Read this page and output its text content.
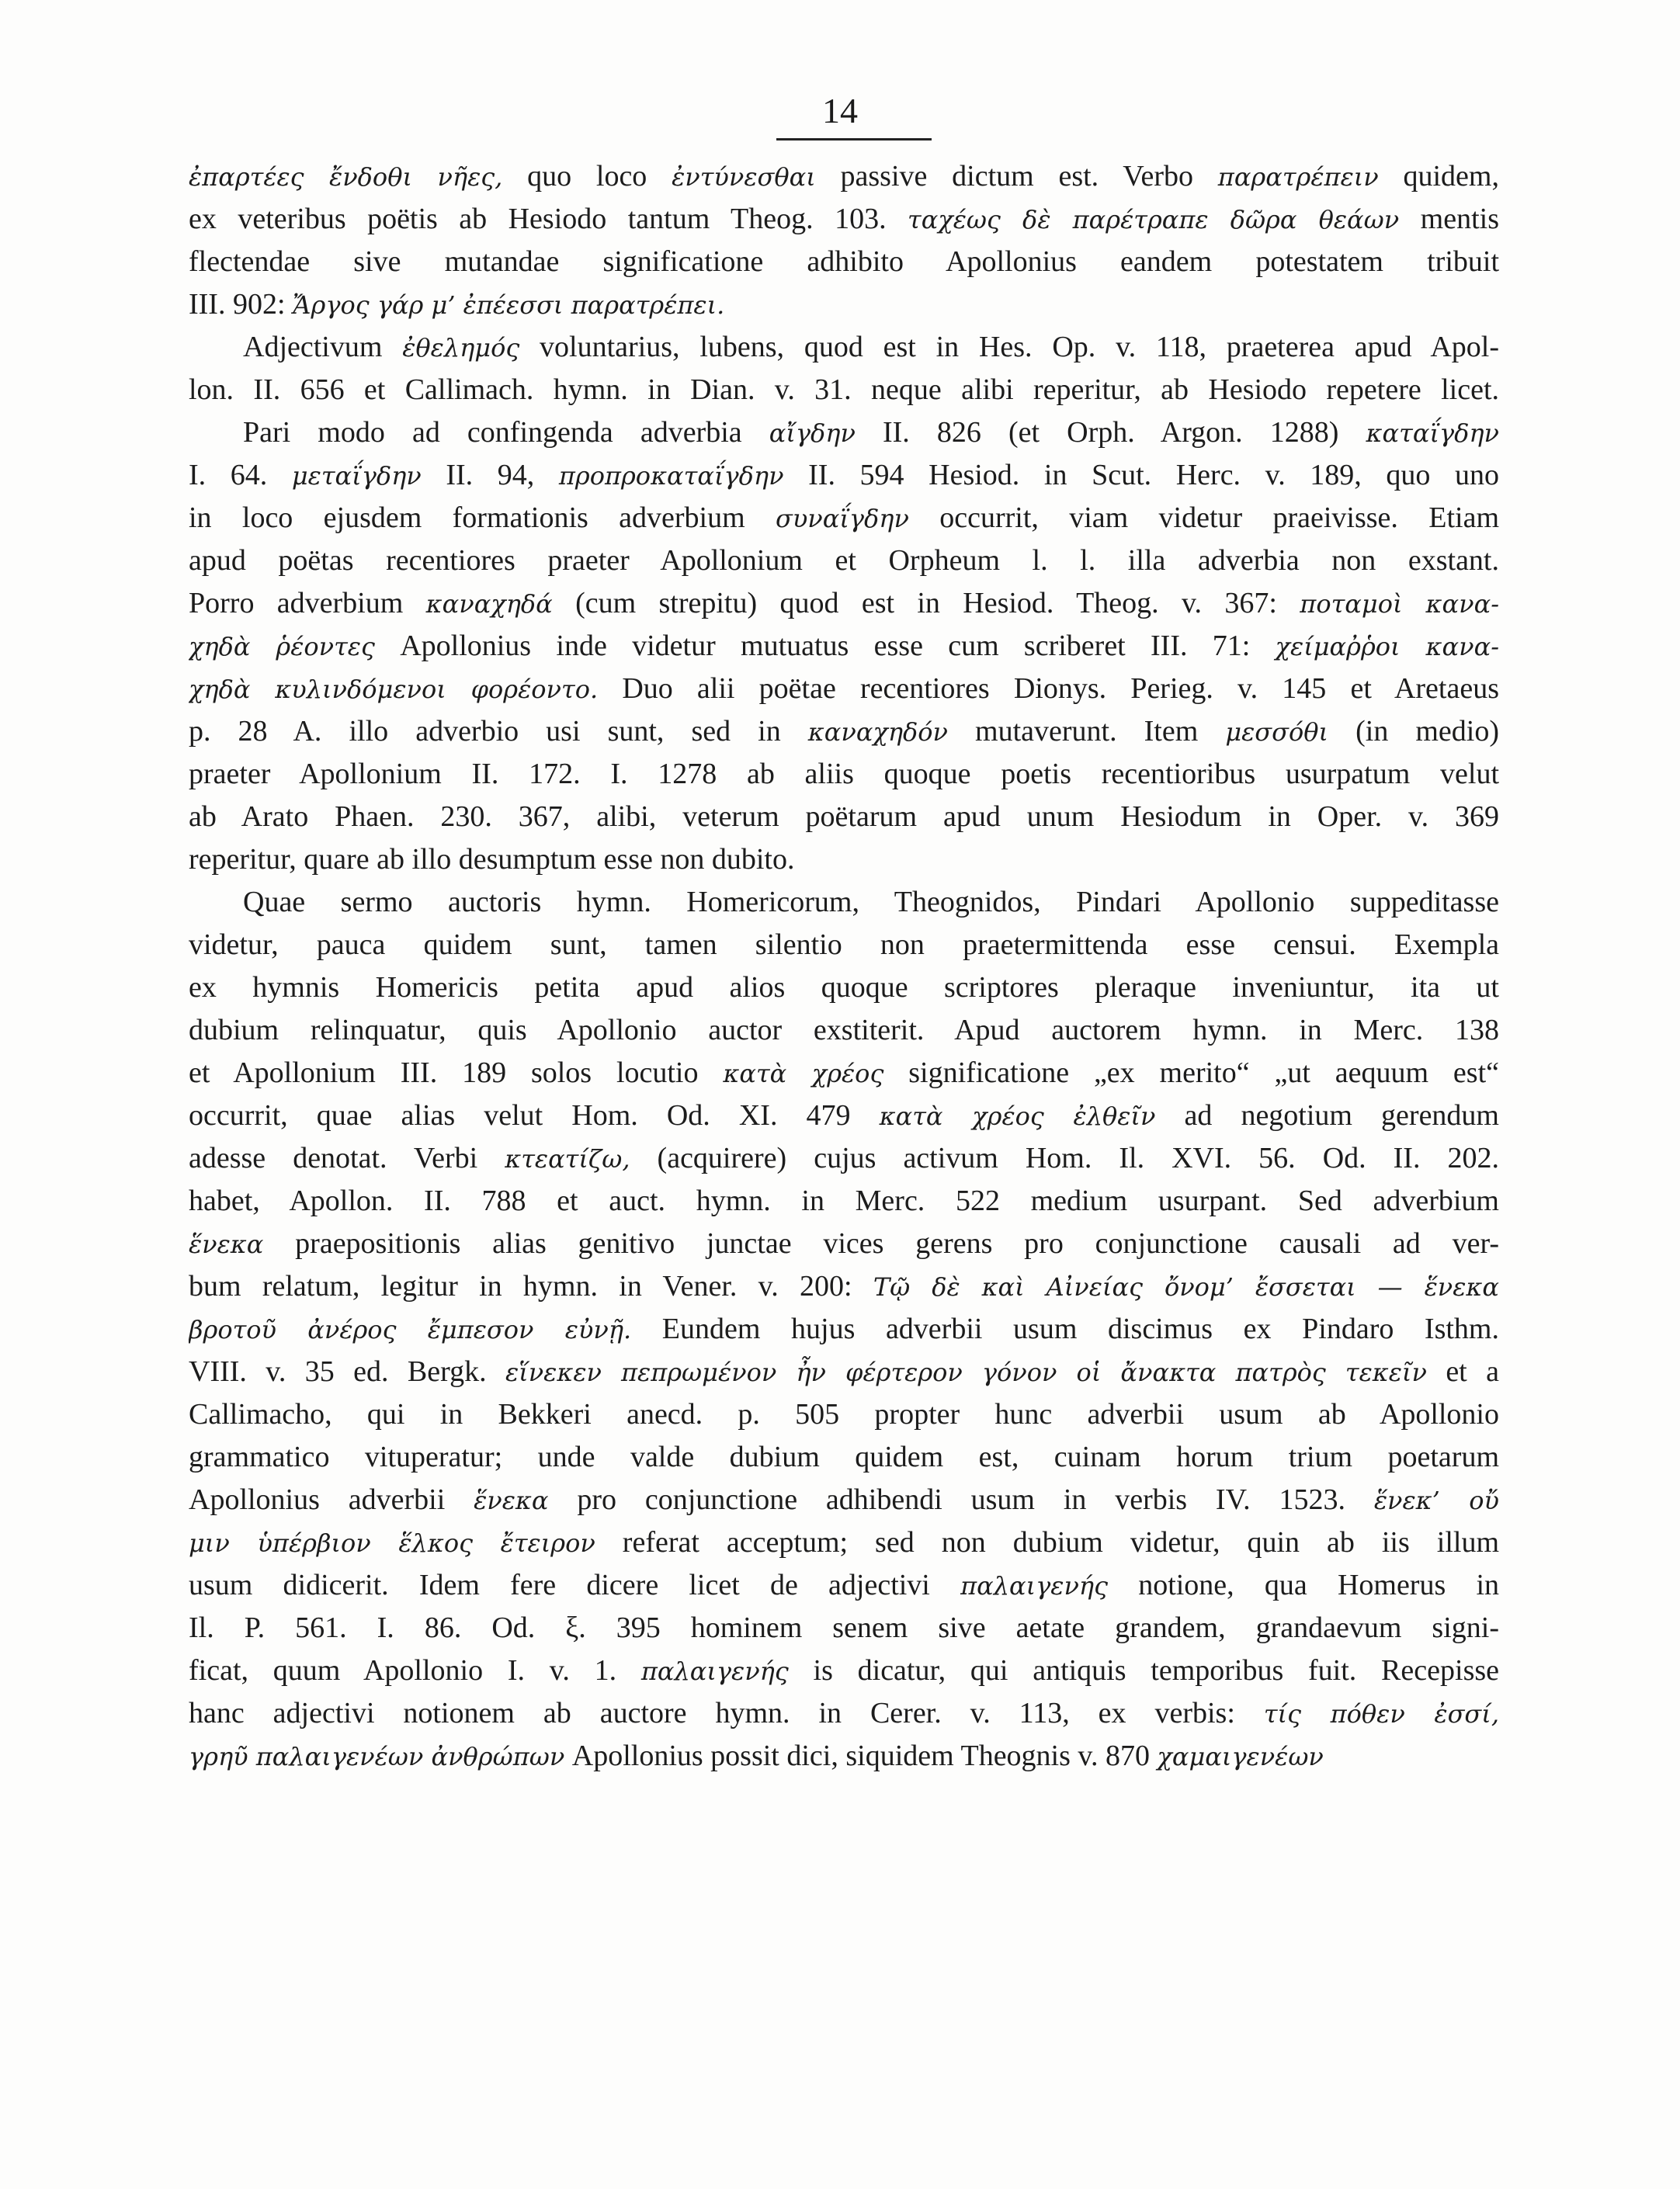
14
ἐπαρτέες ἔνδοθι νῆες, quo loco ἐντύνεσθαι passive dictum est. Verbo παρατρέπειν quidem,
ex veteribus poëtis ab Hesiodo tantum Theog. 103. ταχέως δὲ παρέτραπε δῶρα θεάων mentis
flectendae sive mutandae significatione adhibito Apollonius eandem potestatem tribuit
III. 902: Ἄργος γάρ μ’ ἐπέεσσι παρατρέπει.
Adjectivum ἐθελημός voluntarius, lubens, quod est in Hes. Op. v. 118, praeterea apud Apol-
lon. II. 656 et Callimach. hymn. in Dian. v. 31. neque alibi reperitur, ab Hesiodo repetere licet.
Pari modo ad confingenda adverbia αἴγδην II. 826 (et Orph. Argon. 1288) καταΐγδην
I. 64. μεταΐγδην II. 94, προπροκαταΐγδην II. 594 Hesiod. in Scut. Herc. v. 189, quo uno
in loco ejusdem formationis adverbium συναΐγδην occurrit, viam videtur praeivisse. Etiam
apud poëtas recentiores praeter Apollonium et Orpheum l. l. illa adverbia non exstant.
Porro adverbium καναχηδά (cum strepitu) quod est in Hesiod. Theog. v. 367: ποταμοὶ κανα-
χηδὰ ῥέοντες Apollonius inde videtur mutuatus esse cum scriberet III. 71: χείμαῤῥοι κανα-
χηδὰ κυλινδόμενοι φορέοντο. Duo alii poëtae recentiores Dionys. Perieg. v. 145 et Aretaeus
p. 28 A. illo adverbio usi sunt, sed in καναχηδόν mutaverunt. Item μεσσόθι (in medio)
praeter Apollonium II. 172. I. 1278 ab aliis quoque poetis recentioribus usurpatum velut
ab Arato Phaen. 230. 367, alibi, veterum poëtarum apud unum Hesiodum in Oper. v. 369
reperitur, quare ab illo desumptum esse non dubito.
Quae sermo auctoris hymn. Homericorum, Theognidos, Pindari Apollonio suppeditasse
videtur, pauca quidem sunt, tamen silentio non praetermittenda esse censui. Exempla
ex hymnis Homericis petita apud alios quoque scriptores pleraque inveniuntur, ita ut
dubium relinquatur, quis Apollonio auctor exstiterit. Apud auctorem hymn. in Merc. 138
et Apollonium III. 189 solos locutio κατὰ χρέος significatione „ex merito“ „ut aequum est“
occurrit, quae alias velut Hom. Od. XI. 479 κατὰ χρέος ἐλθεῖν ad negotium gerendum
adesse denotat. Verbi κτεατίζω, (acquirere) cujus activum Hom. Il. XVI. 56. Od. II. 202.
habet, Apollon. II. 788 et auct. hymn. in Merc. 522 medium usurpant. Sed adverbium
ἕνεκα praepositionis alias genitivo junctae vices gerens pro conjunctione causali ad ver-
bum relatum, legitur in hymn. in Vener. v. 200: Τῷ δὲ καὶ Αἰνείας ὄνομ’ ἔσσεται — ἕνεκα
βροτοῦ ἀνέρος ἔμπεσον εὐνῇ. Eundem hujus adverbii usum discimus ex Pindaro Isthm.
VIII. v. 35 ed. Bergk. εἵνεκεν πεπρωμένον ἦν φέρτερον γόνον οἱ ἄνακτα πατρὸς τεκεῖν et a
Callimacho, qui in Bekkeri anecd. p. 505 propter hunc adverbii usum ab Apollonio
grammatico vituperatur; unde valde dubium quidem est, cuinam horum trium poetarum
Apollonius adverbii ἕνεκα pro conjunctione adhibendi usum in verbis IV. 1523. ἕνεκ’ οὔ
μιν ὑπέρβιον ἕλκος ἔτειρον referat acceptum; sed non dubium videtur, quin ab iis illum
usum didicerit. Idem fere dicere licet de adjectivi παλαιγενής notione, qua Homerus in
Il. P. 561. I. 86. Od. ξ. 395 hominem senem sive aetate grandem, grandaevum signi-
ficat, quum Apollonio I. v. 1. παλαιγενής is dicatur, qui antiquis temporibus fuit. Recepisse
hanc adjectivi notionem ab auctore hymn. in Cerer. v. 113, ex verbis: τίς πόθεν ἐσσί,
γρηῦ παλαιγενέων ἀνθρώπων Apollonius possit dici, siquidem Theognis v. 870 χαμαιγενέων
